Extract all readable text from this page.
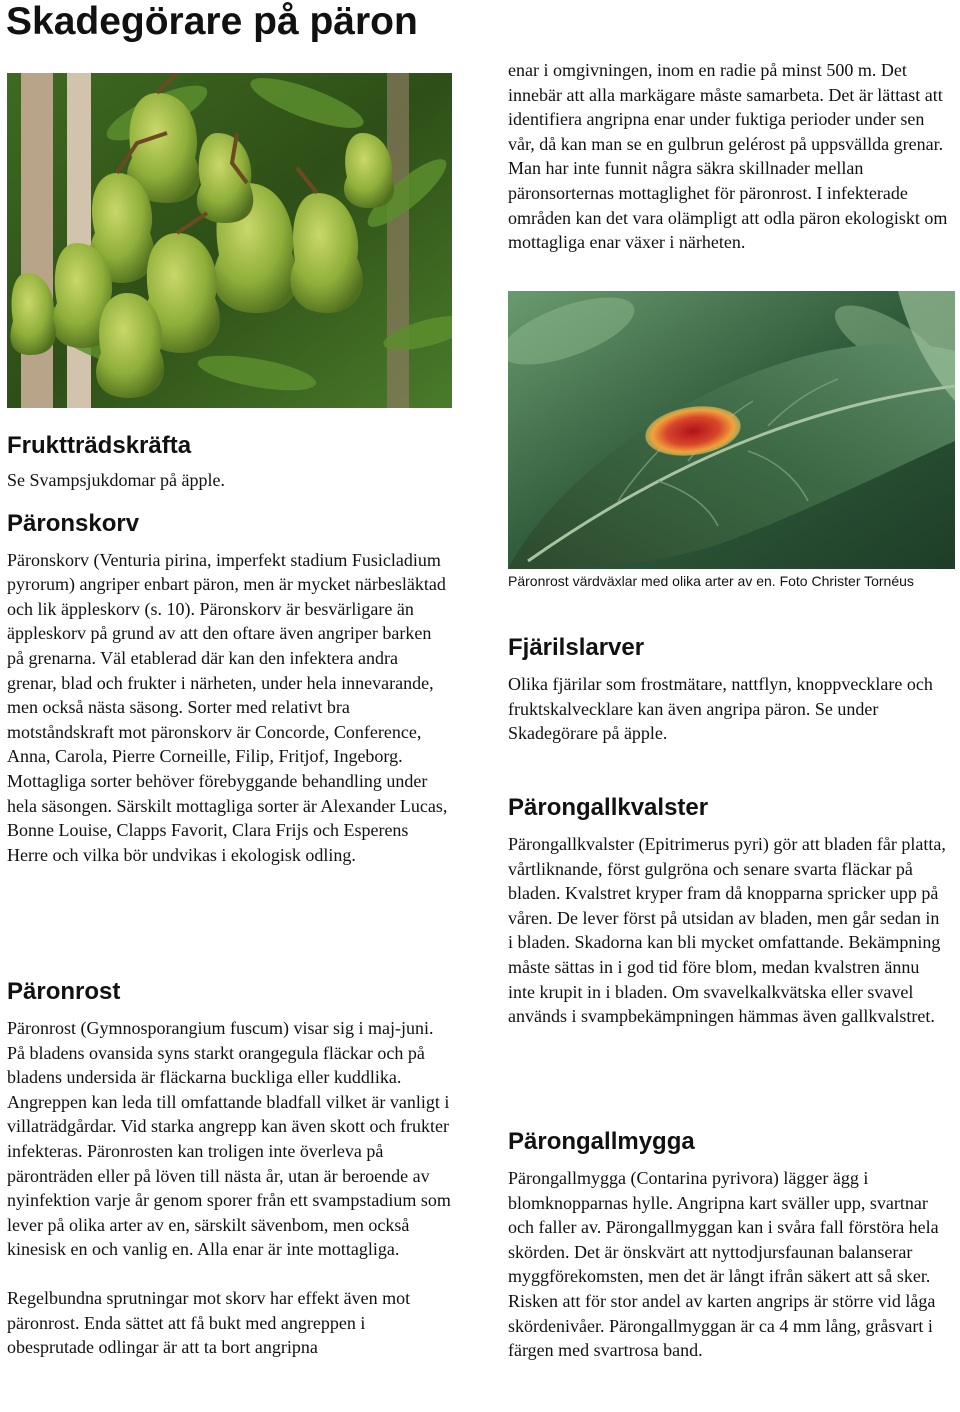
Skadegörare på päron
Fruktträdskräfta

Se Svampsjukdomar på äpple.

Päronskorv

Päronskorv (Venturia pirina, imperfekt stadium Fusicladium pyrorum) angriper enbart päron, men är mycket närbesläktad och lik äppleskorv (s. 10). Päronskorv är besvärligare än äppleskorv på grund av att den oftare även angriper barken på grenarna. Väl etablerad där kan den infektera andra grenar, blad och frukter i närheten, under hela innevarande, men också nästa säsong. Sorter med relativt bra motståndskraft mot päronskorv är Concorde, Conference, Anna, Carola, Pierre Corneille, Filip, Fritjof, Ingeborg. Mottagliga sorter behöver förebyggande behandling under hela säsongen. Särskilt mottagliga sorter är Alexander Lucas, Bonne Louise, Clapps Favorit, Clara Frijs och Esperens Herre och vilka bör undvikas i ekologisk odling.

Päronrost

Päronrost (Gymnosporangium fuscum) visar sig i maj-juni. På bladens ovansida syns starkt orangegula fläckar och på bladens undersida är fläckarna buckliga eller kuddlika. Angreppen kan leda till omfattande bladfall vilket är vanligt i villaträdgårdar. Vid starka angrepp kan även skott och frukter infekteras. Päronrosten kan troligen inte överleva på päronträden eller på löven till nästa år, utan är beroende av nyinfektion varje år genom sporer från ett svampstadium som lever på olika arter av en, särskilt sävenbom, men också kinesisk en och vanlig en. Alla enar är inte mottagliga.

Regelbundna sprutningar mot skorv har effekt även mot päronrost. Enda sättet att få bukt med angreppen i obesprutade odlingar är att ta bort angripna

enar i omgivningen, inom en radie på minst 500 m. Det innebär att alla markägare måste samarbeta. Det är lättast att identifiera angripna enar under fuktiga perioder under sen vår, då kan man se en gulbrun gelérost på uppsvällda grenar. Man har inte funnit några säkra skillnader mellan päronsorternas mottaglighet för päronrost. I infekterade områden kan det vara olämpligt att odla päron ekologiskt om mottagliga enar växer i närheten.

Päronrost värdväxlar med olika arter av en. Foto Christer Tornéus
Fjärilslarver

Olika fjärilar som frostmätare, nattflyn, knoppvecklare och fruktskalvecklare kan även angripa päron. Se under Skadegörare på äpple.

Pärongallkvalster

Pärongallkvalster (Epitrimerus pyri) gör att bladen får platta, vårtliknande, först gulgröna och senare svarta fläckar på bladen. Kvalstret kryper fram då knopparna spricker upp på våren. De lever först på utsidan av bladen, men går sedan in i bladen. Skadorna kan bli mycket omfattande. Bekämpning måste sättas in i god tid före blom, medan kvalstren ännu inte krupit in i bladen. Om svavelkalkvätska eller svavel används i svampbekämpningen hämmas även gallkvalstret.

Pärongallmygga

Pärongallmygga (Contarina pyrivora) lägger ägg i blomknopparnas hylle. Angripna kart sväller upp, svartnar och faller av. Pärongallmyggan kan i svåra fall förstöra hela skörden. Det är önskvärt att nyttodjursfaunan balanserar myggförekomsten, men det är långt ifrån säkert att så sker. Risken att för stor andel av karten angrips är större vid låga skördenivåer. Pärongallmyggan är ca 4 mm lång, gråsvart i färgen med svartrosa band.
